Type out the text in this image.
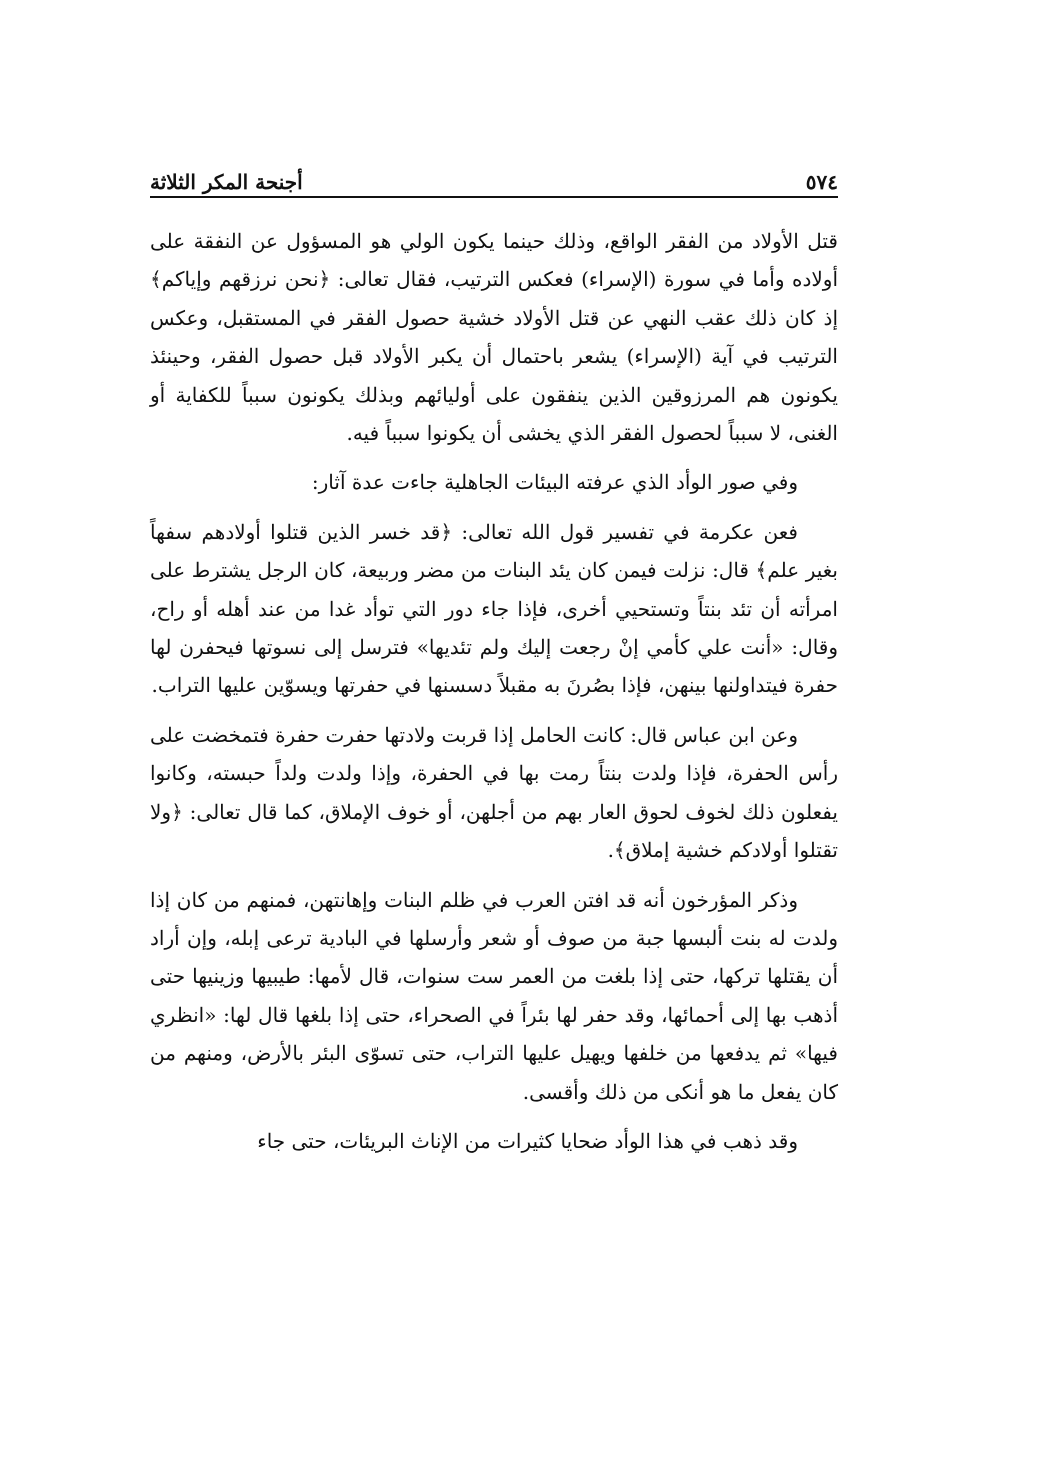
٥٧٤
أجنحة المكر الثلاثة

قتل الأولاد من الفقر الواقع، وذلك حينما يكون الولي هو المسؤول عن النفقة على أولاده وأما في سورة (الإسراء) فعكس الترتيب، فقال تعالى: ﴿نحن نرزقهم وإياكم﴾ إذ كان ذلك عقب النهي عن قتل الأولاد خشية حصول الفقر في المستقبل، وعكس الترتيب في آية (الإسراء) يشعر باحتمال أن يكبر الأولاد قبل حصول الفقر، وحينئذ يكونون هم المرزوقين الذين ينفقون على أوليائهم وبذلك يكونون سبباً للكفاية أو الغنى، لا سبباً لحصول الفقر الذي يخشى أن يكونوا سبباً فيه.

وفي صور الوأد الذي عرفته البيئات الجاهلية جاءت عدة آثار:

فعن عكرمة في تفسير قول الله تعالى: ﴿قد خسر الذين قتلوا أولادهم سفهاً بغير علم﴾ قال: نزلت فيمن كان يئد البنات من مضر وربيعة، كان الرجل يشترط على امرأته أن تئد بنتاً وتستحيي أخرى، فإذا جاء دور التي توأد غدا من عند أهله أو راح، وقال: «أنت علي كأمي إنْ رجعت إليك ولم تئديها» فترسل إلى نسوتها فيحفرن لها حفرة فيتداولنها بينهن، فإذا بصُرنَ به مقبلاً دسسنها في حفرتها ويسوّين عليها التراب.

وعن ابن عباس قال: كانت الحامل إذا قربت ولادتها حفرت حفرة فتمخضت على رأس الحفرة، فإذا ولدت بنتاً رمت بها في الحفرة، وإذا ولدت ولداً حبسته، وكانوا يفعلون ذلك لخوف لحوق العار بهم من أجلهن، أو خوف الإملاق، كما قال تعالى: ﴿ولا تقتلوا أولادكم خشية إملاق﴾.

وذكر المؤرخون أنه قد افتن العرب في ظلم البنات وإهانتهن، فمنهم من كان إذا ولدت له بنت ألبسها جبة من صوف أو شعر وأرسلها في البادية ترعى إبله، وإن أراد أن يقتلها تركها، حتى إذا بلغت من العمر ست سنوات، قال لأمها: طيبيها وزينيها حتى أذهب بها إلى أحمائها، وقد حفر لها بئراً في الصحراء، حتى إذا بلغها قال لها: «انظري فيها» ثم يدفعها من خلفها ويهيل عليها التراب، حتى تسوّى البئر بالأرض، ومنهم من كان يفعل ما هو أنكى من ذلك وأقسى.

وقد ذهب في هذا الوأد ضحايا كثيرات من الإناث البريئات، حتى جاء
